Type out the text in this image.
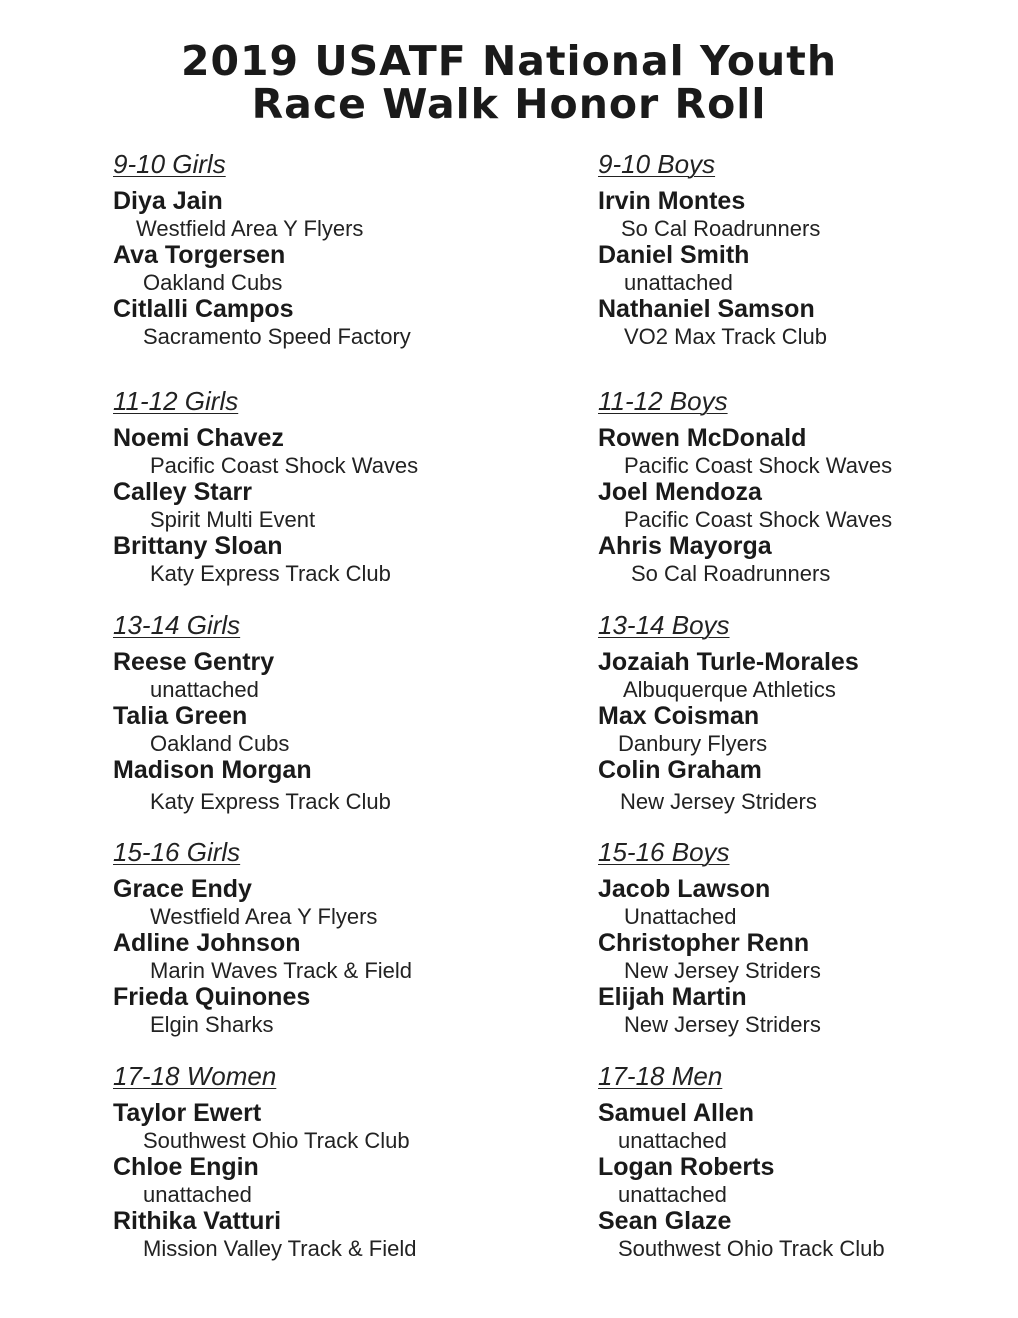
2019 USATF National Youth
Race Walk Honor Roll
9-10 Girls
Diya Jain
Westfield Area Y Flyers
Ava Torgersen
Oakland Cubs
Citlalli Campos
Sacramento Speed Factory
11-12 Girls
Noemi Chavez
Pacific Coast Shock Waves
Calley Starr
Spirit Multi Event
Brittany Sloan
Katy Express Track Club
13-14 Girls
Reese Gentry
unattached
Talia Green
Oakland Cubs
Madison Morgan
Katy Express Track Club
15-16 Girls
Grace Endy
Westfield Area Y Flyers
Adline Johnson
Marin Waves Track & Field
Frieda Quinones
Elgin Sharks
17-18 Women
Taylor Ewert
Southwest Ohio Track Club
Chloe Engin
unattached
Rithika Vatturi
Mission Valley Track & Field
9-10 Boys
Irvin Montes
So Cal Roadrunners
Daniel Smith
unattached
Nathaniel Samson
VO2 Max Track Club
11-12 Boys
Rowen McDonald
Pacific Coast Shock Waves
Joel Mendoza
Pacific Coast Shock Waves
Ahris Mayorga
So Cal Roadrunners
13-14 Boys
Jozaiah Turle-Morales
Albuquerque Athletics
Max Coisman
Danbury Flyers
Colin Graham
New Jersey Striders
15-16 Boys
Jacob Lawson
Unattached
Christopher Renn
New Jersey Striders
Elijah Martin
New Jersey Striders
17-18 Men
Samuel Allen
unattached
Logan Roberts
unattached
Sean Glaze
Southwest Ohio Track Club
